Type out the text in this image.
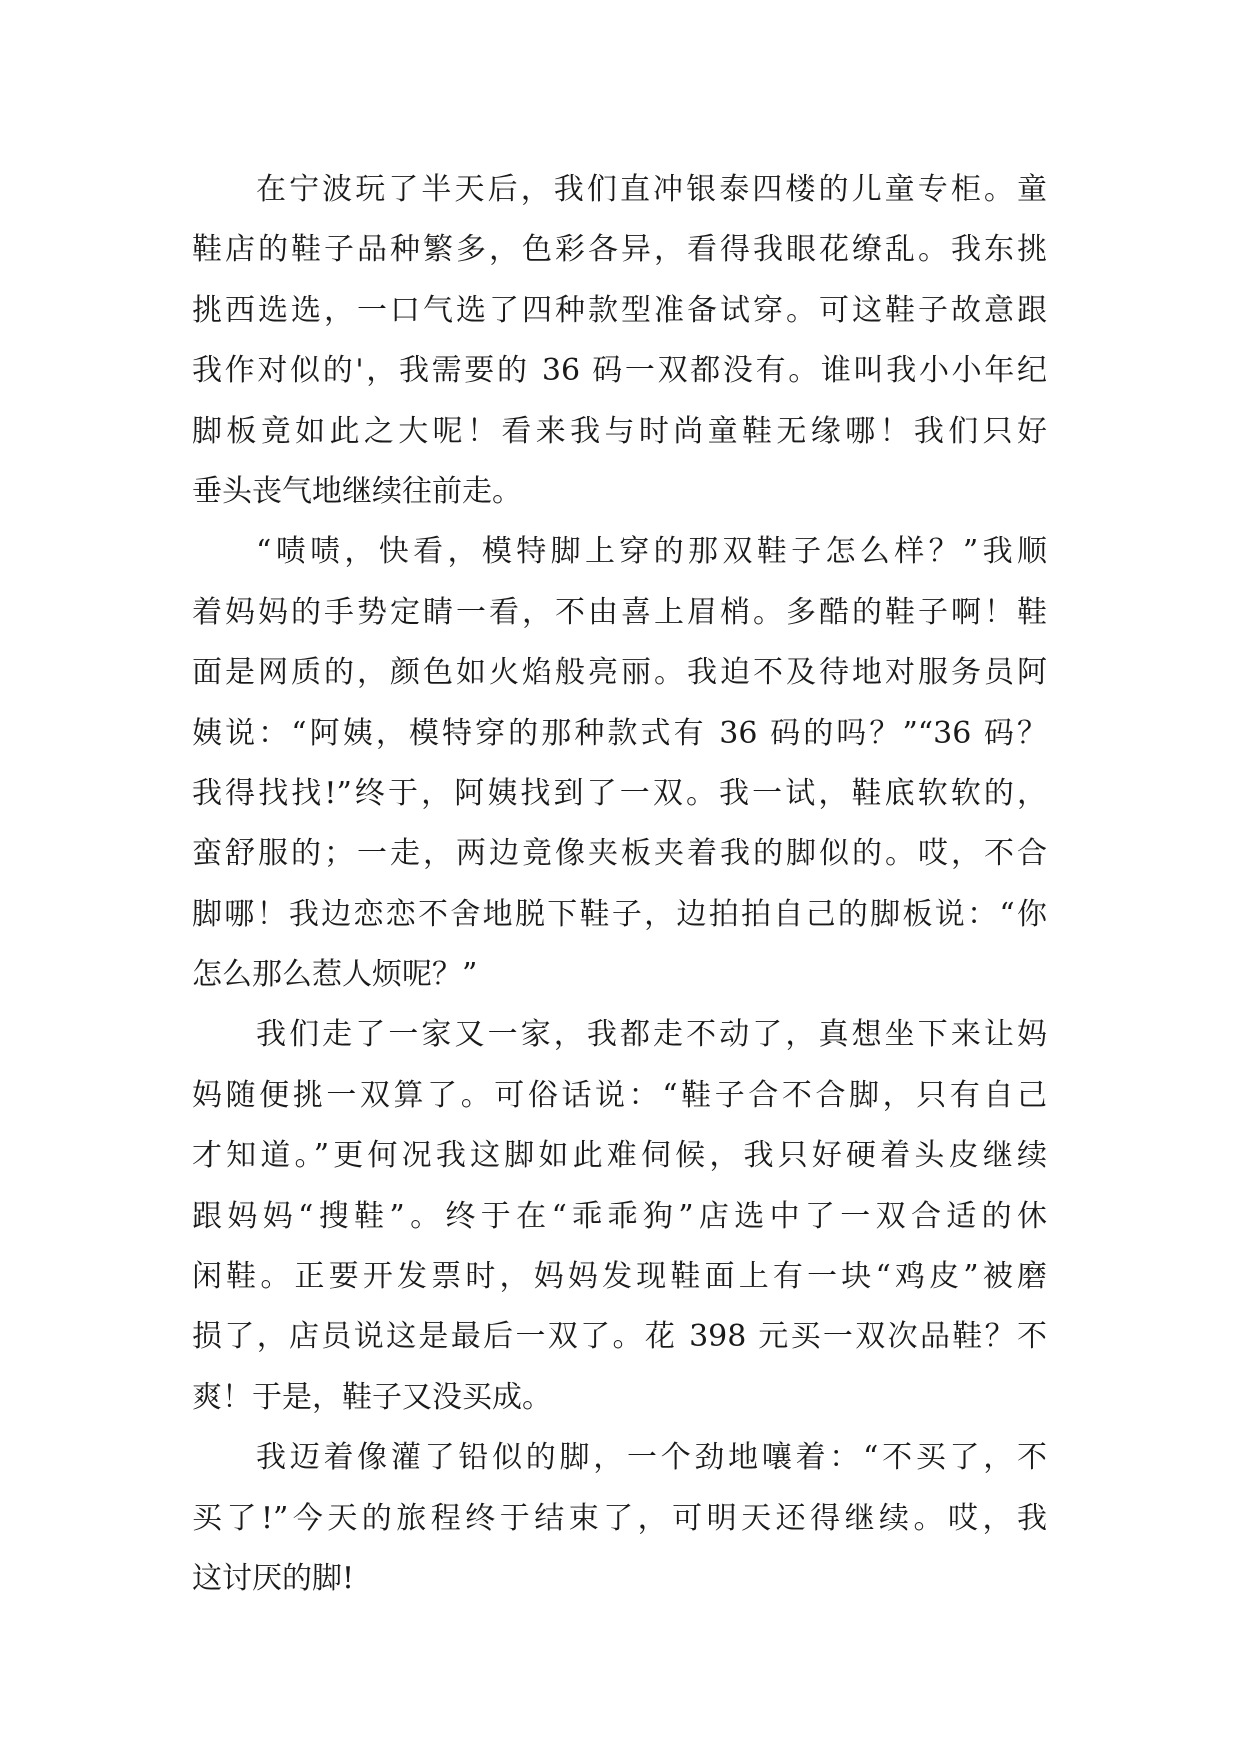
在宁波玩了半天后，我们直冲银泰四楼的儿童专柜。童
鞋店的鞋子品种繁多，色彩各异，看得我眼花缭乱。我东挑
挑西选选，一口气选了四种款型准备试穿。可这鞋子故意跟
我作对似的'，我需要的 36 码一双都没有。谁叫我小小年纪
脚板竟如此之大呢！看来我与时尚童鞋无缘哪！我们只好
垂头丧气地继续往前走。
“啧啧，快看，模特脚上穿的那双鞋子怎么样？”我顺
着妈妈的手势定睛一看，不由喜上眉梢。多酷的鞋子啊！鞋
面是网质的，颜色如火焰般亮丽。我迫不及待地对服务员阿
姨说：“阿姨，模特穿的那种款式有 36 码的吗？”“36 码？
我得找找!”终于，阿姨找到了一双。我一试，鞋底软软的，
蛮舒服的；一走，两边竟像夹板夹着我的脚似的。哎，不合
脚哪！我边恋恋不舍地脱下鞋子，边拍拍自己的脚板说：“你
怎么那么惹人烦呢？”
我们走了一家又一家，我都走不动了，真想坐下来让妈
妈随便挑一双算了。可俗话说：“鞋子合不合脚，只有自己
才知道。”更何况我这脚如此难伺候，我只好硬着头皮继续
跟妈妈“搜鞋”。终于在“乖乖狗”店选中了一双合适的休
闲鞋。正要开发票时，妈妈发现鞋面上有一块“鸡皮”被磨
损了，店员说这是最后一双了。花 398 元买一双次品鞋？不
爽！于是，鞋子又没买成。
我迈着像灌了铅似的脚，一个劲地嚷着：“不买了，不
买了!”今天的旅程终于结束了，可明天还得继续。哎，我
这讨厌的脚!
